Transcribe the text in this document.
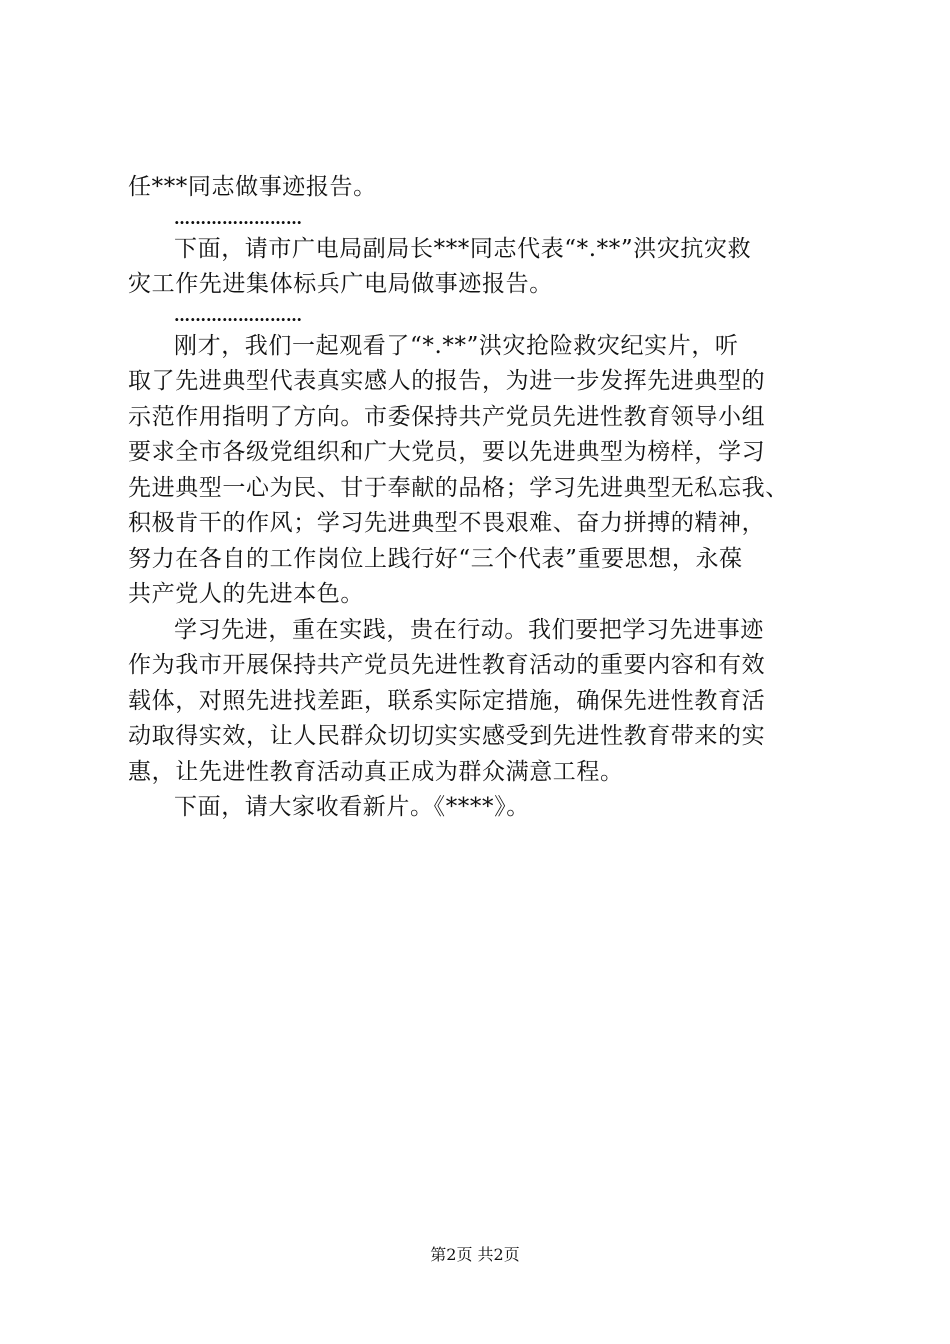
任***同志做事迹报告。
……………………
下面，请市广电局副局长***同志代表“*.**”洪灾抗灾救
灾工作先进集体标兵广电局做事迹报告。
……………………
刚才，我们一起观看了“*.**”洪灾抢险救灾纪实片，听
取了先进典型代表真实感人的报告，为进一步发挥先进典型的
示范作用指明了方向。市委保持共产党员先进性教育领导小组
要求全市各级党组织和广大党员，要以先进典型为榜样，学习
先进典型一心为民、甘于奉献的品格；学习先进典型无私忘我、
积极肯干的作风；学习先进典型不畏艰难、奋力拼搏的精神，
努力在各自的工作岗位上践行好“三个代表”重要思想，永葆
共产党人的先进本色。
学习先进，重在实践，贵在行动。我们要把学习先进事迹
作为我市开展保持共产党员先进性教育活动的重要内容和有效
载体，对照先进找差距，联系实际定措施，确保先进性教育活
动取得实效，让人民群众切切实实感受到先进性教育带来的实
惠，让先进性教育活动真正成为群众满意工程。
下面，请大家收看新片。《****》。
第2页 共2页
